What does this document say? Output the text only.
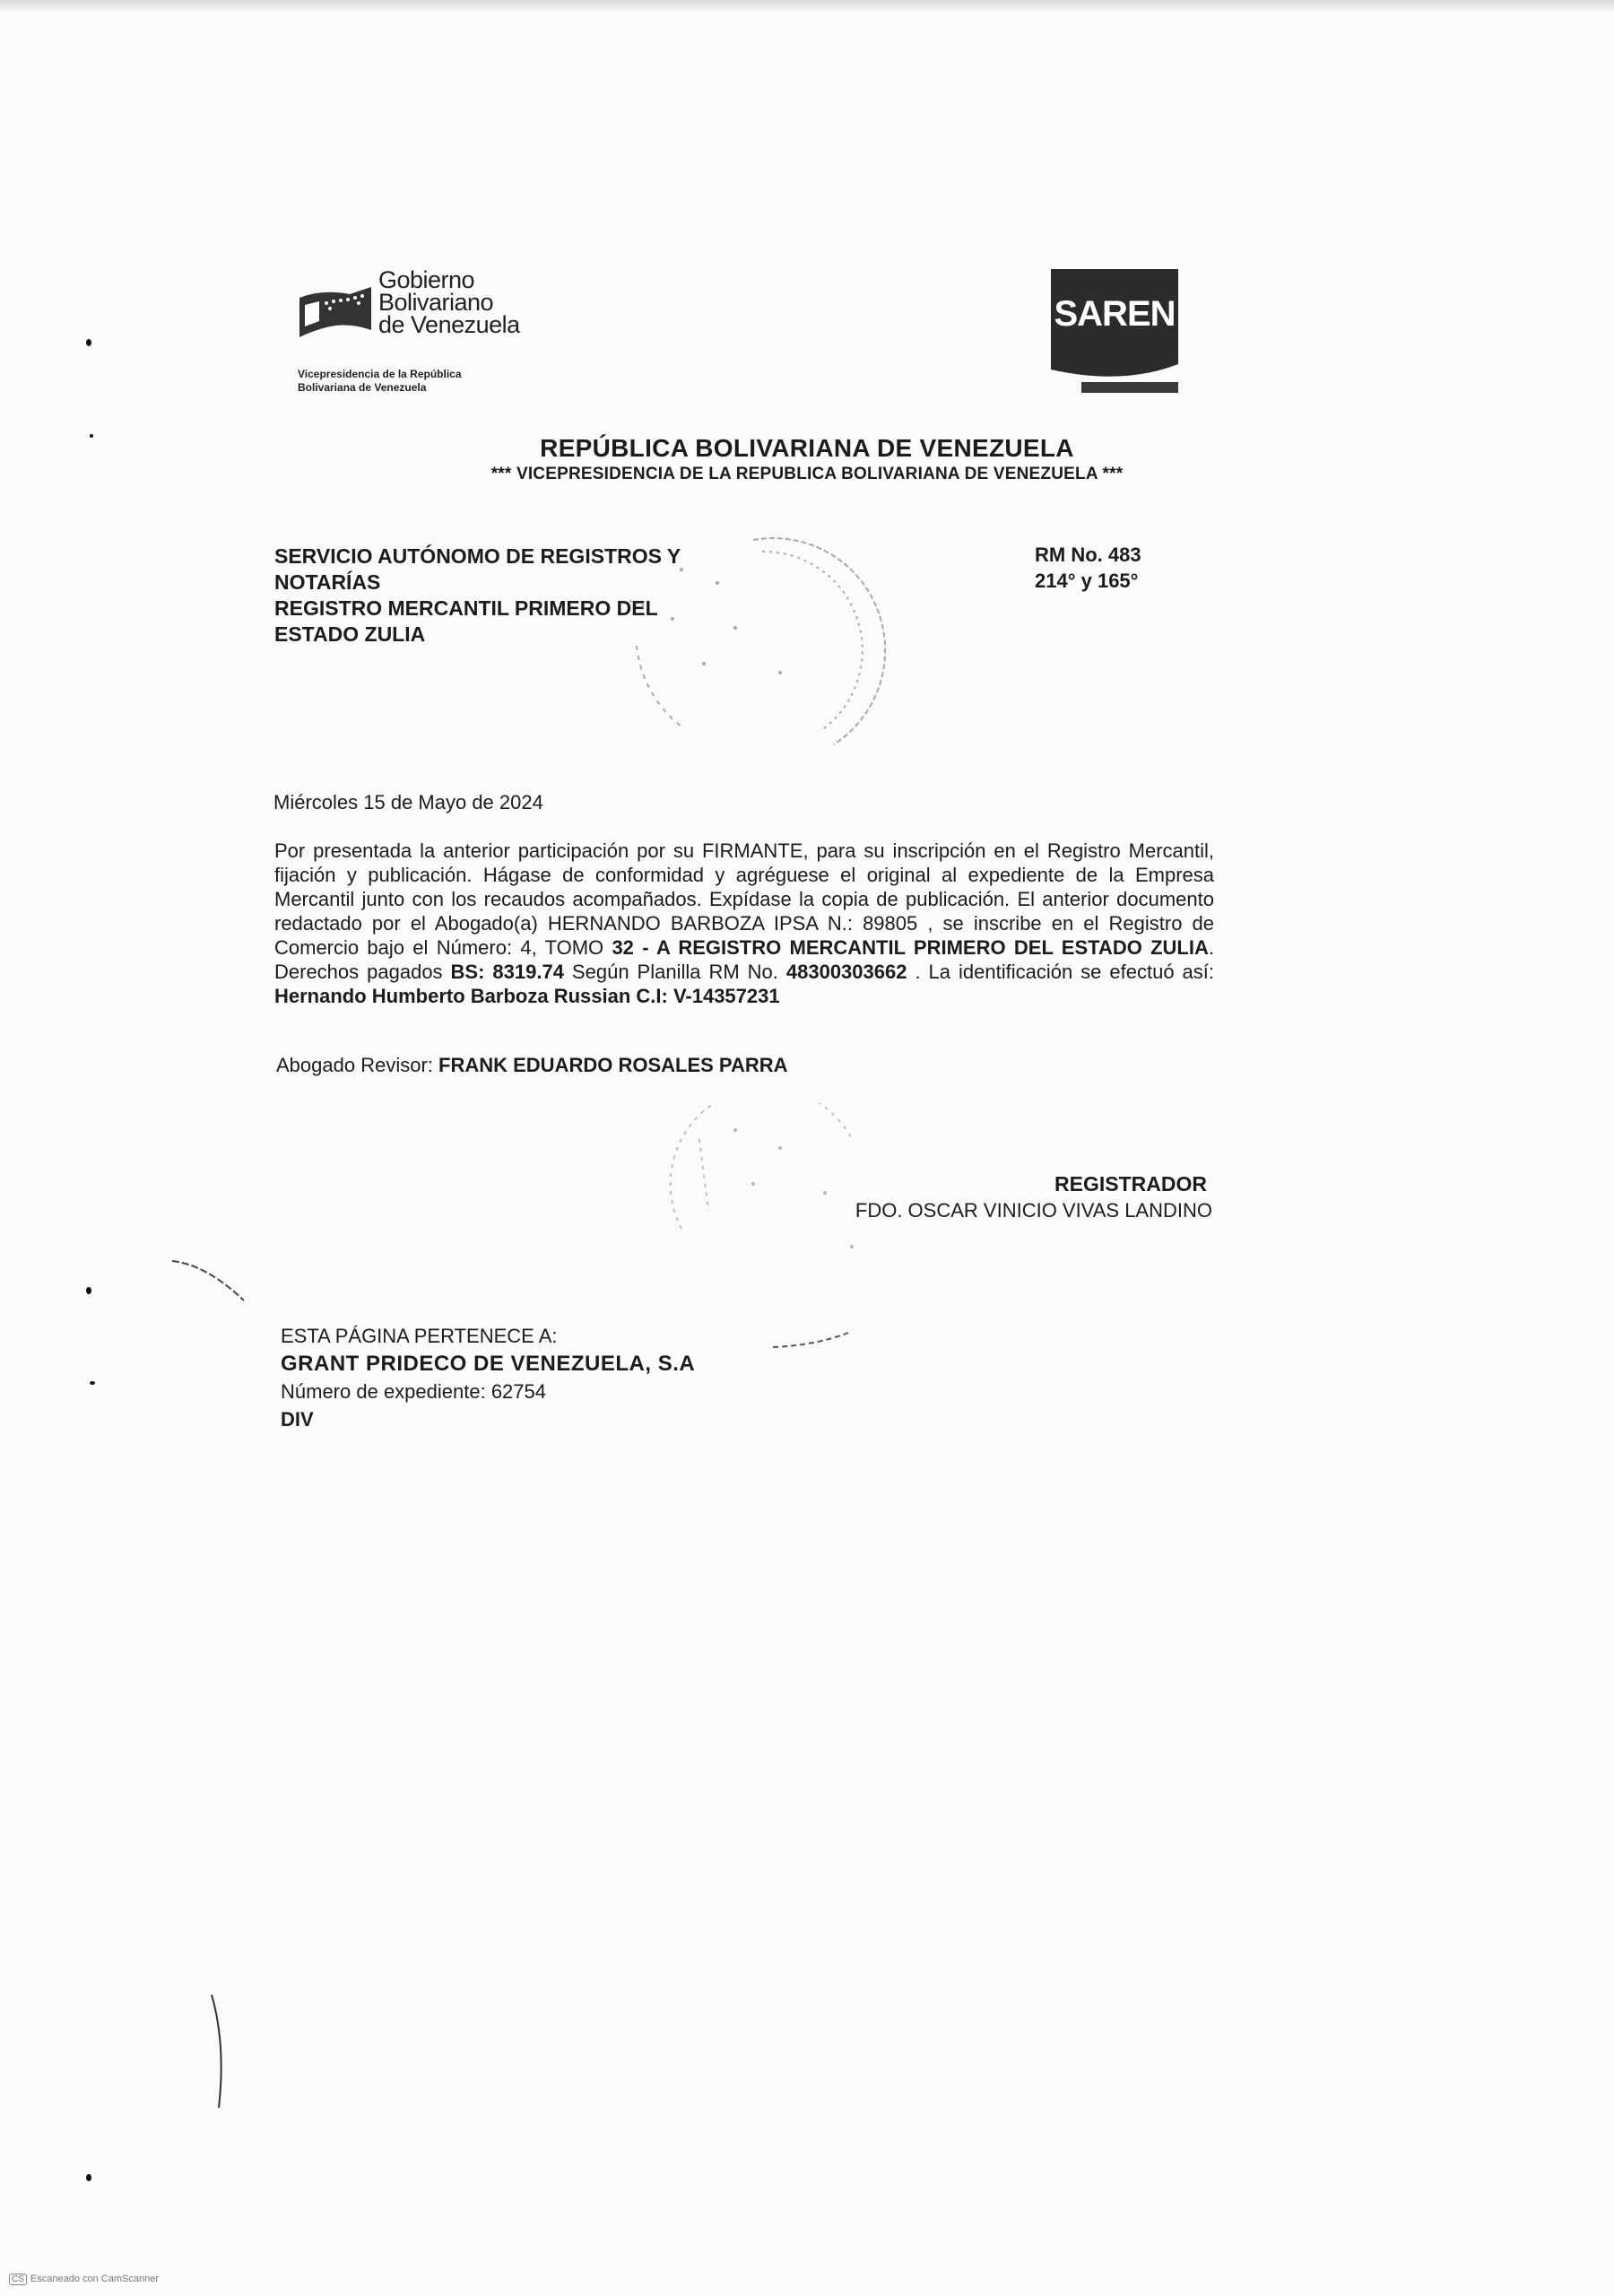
Gobierno
Bolivariano
de Venezuela
Vicepresidencia de la República
Bolivariana de Venezuela
SAREN
REPÚBLICA BOLIVARIANA DE VENEZUELA
*** VICEPRESIDENCIA DE LA REPUBLICA BOLIVARIANA DE VENEZUELA ***
SERVICIO AUTÓNOMO DE REGISTROS Y
NOTARÍAS
REGISTRO MERCANTIL PRIMERO DEL
ESTADO ZULIA
RM No. 483
214° y 165°
Miércoles 15 de Mayo de 2024
Por presentada la anterior participación por su FIRMANTE, para su inscripción en el Registro Mercantil, fijación y publicación. Hágase de conformidad y agréguese el original al expediente de la Empresa Mercantil junto con los recaudos acompañados. Expídase la copia de publicación. El anterior documento redactado por el Abogado(a) HERNANDO BARBOZA IPSA N.: 89805 , se inscribe en el Registro de Comercio bajo el Número: 4, TOMO 32 - A REGISTRO MERCANTIL PRIMERO DEL ESTADO ZULIA. Derechos pagados BS: 8319.74 Según Planilla RM No. 48300303662 . La identificación se efectuó así: Hernando Humberto Barboza Russian C.I: V-14357231
Abogado Revisor: FRANK EDUARDO ROSALES PARRA
REGISTRADOR
FDO. OSCAR VINICIO VIVAS LANDINO
ESTA PÁGINA PERTENECE A:
GRANT PRIDECO DE VENEZUELA, S.A
Número de expediente: 62754
DIV
CS Escaneado con CamScanner
